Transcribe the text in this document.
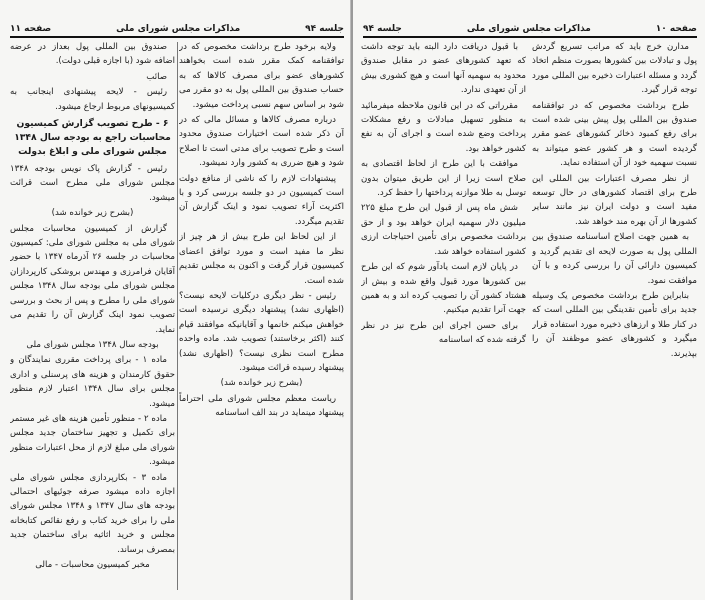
جلسه ۹۴
مذاکرات مجلس شورای ملی
صفحه ۱۱

ولایه برخود طرح برداشت مخصوص که در توافقنامه کمک مقرر شده است بخواهند کشورهای عضو برای مصرف کالاها که به حساب صندوق بین المللی پول به دو مقرر می شود بر اساس سهم نسبی پرداخت میشود.

درباره مصرف کالاها و مسائل مالی که در آن ذکر شده است اختیارات صندوق محدود است و طرح تصویب برای مدتی است تا اصلاح شود و هیچ ضرری به کشور وارد نمیشود.

پیشنهادات لازم را که ناشی از منافع دولت است کمیسیون در دو جلسه بررسی کرد و با اکثریت آراء تصویب نمود و اینک گزارش آن تقدیم میگردد.

از این لحاظ این طرح بیش از هر چیز از نظر ما مفید است و مورد توافق اعضای کمیسیون قرار گرفت و اکنون به مجلس تقدیم شده است.

رئیس - نظر دیگری درکلیات لایحه نیست؟ (اظهاری نشد) پیشنهاد دیگری نرسیده است خواهش میکنم خانمها و آقایانیکه موافقند قیام کنند (اکثر برخاستند) تصویب شد. ماده واحده مطرح است نظری نیست؟ (اظهاری نشد) پیشنهاد رسیده قرائت میشود.

(بشرح زیر خوانده شد)

ریاست معظم مجلس شورای ملی احتراماً پیشنهاد مینماید در بند الف اساسنامه

صندوق بین المللی پول بعداز در عرضه اضافه شود (با اجازه قبلی دولت).

صائب

رئیس - لایحه پیشنهادی اینجانب به کمیسیونهای مربوط ارجاع میشود.

۶ - طرح تصویب گزارش کمیسیون محاسبات راجع به بودجه سال ۱۳۴۸ مجلس شورای ملی و ابلاغ بدولت

رئیس - گزارش پاک نویس بودجه ۱۳۴۸ مجلس شورای ملی مطرح است قرائت میشود.

(بشرح زیر خوانده شد)

گزارش از کمیسیون محاسبات مجلس شورای ملی به مجلس شورای ملی: کمیسیون محاسبات در جلسه ۲۶ آذرماه ۱۳۴۷ با حضور آقایان فرامرزی و مهندس بروشکی کارپردازان مجلس شورای ملی بودجه سال ۱۳۴۸ مجلس شورای ملی را مطرح و پس از بحث و بررسی تصویب نمود اینک گزارش آن را تقدیم می نماید.

بودجه سال ۱۳۴۸ مجلس شورای ملی

ماده ۱ - برای پرداخت مقرری نمایندگان و حقوق کارمندان و هزینه های پرسنلی و اداری مجلس برای سال ۱۳۴۸ اعتبار لازم منظور میشود.

ماده ۲ - منظور تأمین هزینه های غیر مستمر برای تکمیل و تجهیز ساختمان جدید مجلس شورای ملی مبلغ لازم از محل اعتبارات منظور میشود.

ماده ۳ - بکارپردازی مجلس شورای ملی اجازه داده میشود صرفه جوئیهای احتمالی بودجه های سال ۱۳۴۷ و ۱۳۴۸ مجلس شورای ملی را برای خرید کتاب و رفع نقائص کتابخانه مجلس و خرید اثاثیه برای ساختمان جدید بمصرف برساند.

مخبر کمیسیون محاسبات - مالی

صفحه ۱۰
مذاکرات مجلس شورای ملی
جلسه ۹۴

مدارن خرج باید که مراتب تسریع گردش پول و تبادلات بین کشورها بصورت منظم اتخاذ گردد و مسئله اعتبارات ذخیره بین المللی مورد توجه قرار گیرد.

طرح برداشت مخصوص که در توافقنامه صندوق بین المللی پول پیش بینی شده است برای رفع کمبود ذخائر کشورهای عضو مقرر گردیده است و هر کشور عضو میتواند به نسبت سهمیه خود از آن استفاده نماید.

از نظر مصرف اعتبارات بین المللی این طرح برای اقتصاد کشورهای در حال توسعه مفید است و دولت ایران نیز مانند سایر کشورها از آن بهره مند خواهد شد.

به همین جهت اصلاح اساسنامه صندوق بین المللی پول به صورت لایحه ای تقدیم گردید و کمیسیون دارائی آن را بررسی کرده و با آن موافقت نمود.

بنابراین طرح برداشت مخصوص یک وسیله جدید برای تأمین نقدینگی بین المللی است که در کنار طلا و ارزهای ذخیره مورد استفاده قرار میگیرد و کشورهای عضو موظفند آن را بپذیرند.

با قبول دریافت دارد البته باید توجه داشت که تعهد کشورهای عضو در مقابل صندوق محدود به سهمیه آنها است و هیچ کشوری بیش از آن تعهدی ندارد.

مقرراتی که در این قانون ملاحظه میفرمائید به منظور تسهیل مبادلات و رفع مشکلات پرداخت وضع شده است و اجرای آن به نفع کشور خواهد بود.

موافقت با این طرح از لحاظ اقتصادی به صلاح است زیرا از این طریق میتوان بدون توسل به طلا موازنه پرداختها را حفظ کرد.

شش ماه پس از قبول این طرح مبلغ ۲۲۵ میلیون دلار سهمیه ایران خواهد بود و از حق برداشت مخصوص برای تأمین احتیاجات ارزی کشور استفاده خواهد شد.

در پایان لازم است یادآور شوم که این طرح بین کشورها مورد قبول واقع شده و بیش از هشتاد کشور آن را تصویب کرده اند و به همین جهت آنرا تقدیم میکنیم.

برای حسن اجرای این طرح نیز در نظر گرفته شده که اساسنامه
